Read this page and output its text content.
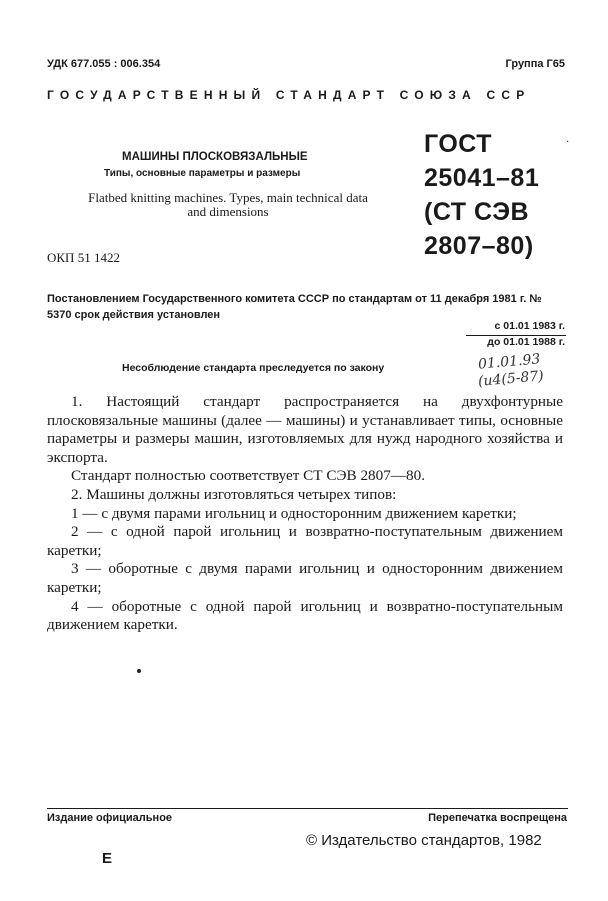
УДК 677.055 : 006.354	Группа Г65
ГОСУДАРСТВЕННЫЙ СТАНДАРТ СОЮЗА ССР
МАШИНЫ ПЛОСКОВЯЗАЛЬНЫЕ
Типы, основные параметры и размеры
Flatbed knitting machines. Types, main technical data
and dimensions
ГОСТ
25041–81
(СТ СЭВ
2807–80)
·
ОКП 51 1422
Постановлением Государственного комитета СССР по стандартам от 11 декабря 1981 г. № 5370 срок действия установлен
с 01.01 1983 г.
до 01.01 1988 г.
Несоблюдение стандарта преследуется по закону	01.01.93
(и4(5-87)

1. Настоящий стандарт распространяется на двухфонтурные плосковязальные машины (далее — машины) и устанавливает типы, основные параметры и размеры машин, изготовляемых для нужд народного хозяйства и экспорта.

Стандарт полностью соответствует СТ СЭВ 2807—80.

2. Машины должны изготовляться четырех типов:

1 — с двумя парами игольниц и односторонним движением каретки;

2 — с одной парой игольниц и возвратно-поступательным движением каретки;

3 — оборотные с двумя парами игольниц и односторонним движением каретки;

4 — оборотные с одной парой игольниц и возвратно-поступательным движением каретки.

Издание официальное	Перепечатка воспрещена
© Издательство стандартов, 1982
Е
